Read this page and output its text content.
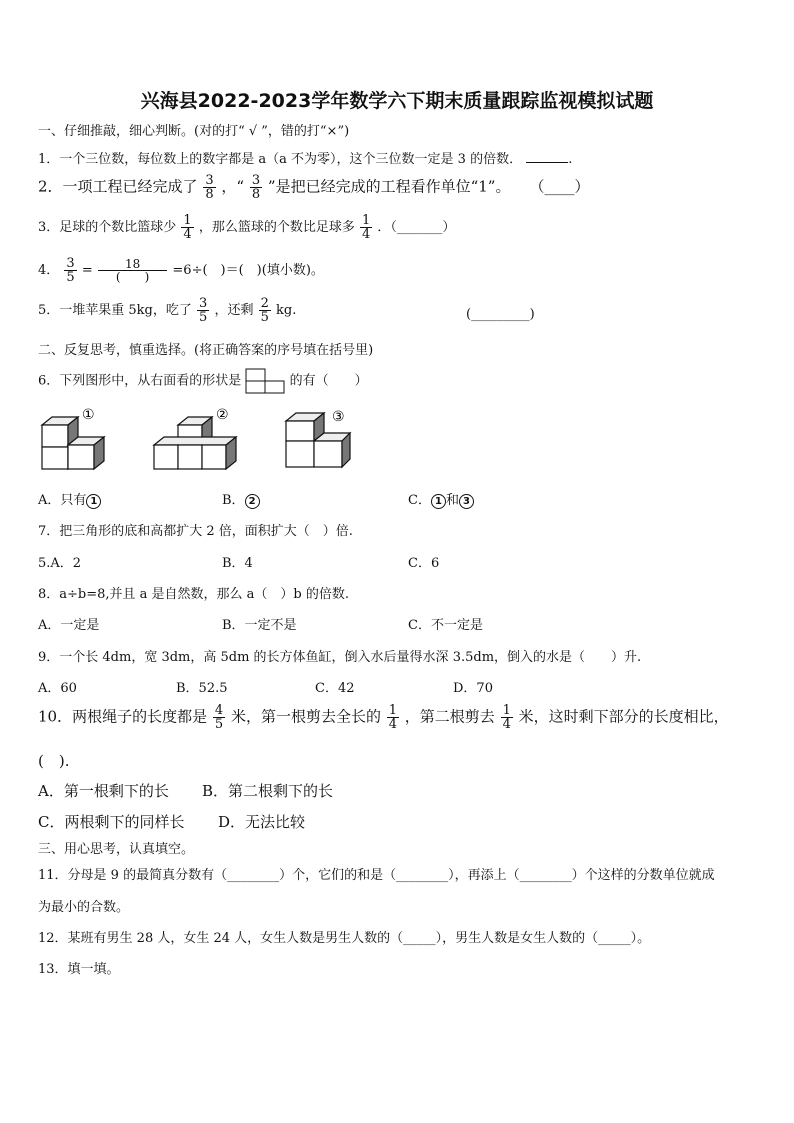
兴海县2022-2023学年数学六下期末质量跟踪监视模拟试题
一、仔细推敲，细心判断。(对的打“ √ ”，错的打“×”)
1．一个三位数，每位数上的数字都是 a（a 不为零），这个三位数一定是 3 的倍数．	.
2．一项工程已经完成了 $\frac{3}{8}$ ，“ $\frac{3}{8}$ ”是把已经完成的工程看作单位“1”。 （____）
3．足球的个数比篮球少 $\frac{1}{4}$ ，那么篮球的个数比足球多 $\frac{1}{4}$ ．（_______）
4． $\frac{3}{5} = \frac{18}{( )} =6\div$(　)＝(　)(填小数)。
5．一堆苹果重 5kg，吃了 $\frac{3}{5}$ ，还剩 $\frac{2}{5}$ kg.	(_________)
二、反复思考，慎重选择。(将正确答案的序号填在括号里)
6．下列图形中，从右面看的形状是	的有（　　）
①	②	③
A．只有 1	B． 2	C． 1 和 3
7．把三角形的底和高都扩大 2 倍，面积扩大（　）倍.
5.A．2	B．4	C．6
8．a÷b=8,并且 a 是自然数，那么 a（　）b 的倍数.
A．一定是	B．一定不是	C．不一定是
9．一个长 4dm，宽 3dm，高 5dm 的长方体鱼缸，倒入水后量得水深 3.5dm，倒入的水是（　　）升.
A．60	B．52.5	C．42	D．70
10．两根绳子的长度都是 $\frac{4}{5}$ 米，第一根剪去全长的 $\frac{1}{4}$ ，第二根剪去 $\frac{1}{4}$ 米，这时剩下部分的长度相比，
(　).
A．第一根剩下的长 B．第二根剩下的长
C．两根剩下的同样长 D．无法比较
三、用心思考，认真填空。
11．分母是 9 的最简真分数有（________）个，它们的和是（________），再添上（________）个这样的分数单位就成
为最小的合数。
12．某班有男生 28 人，女生 24 人，女生人数是男生人数的（_____），男生人数是女生人数的（_____）。
13．填一填。
